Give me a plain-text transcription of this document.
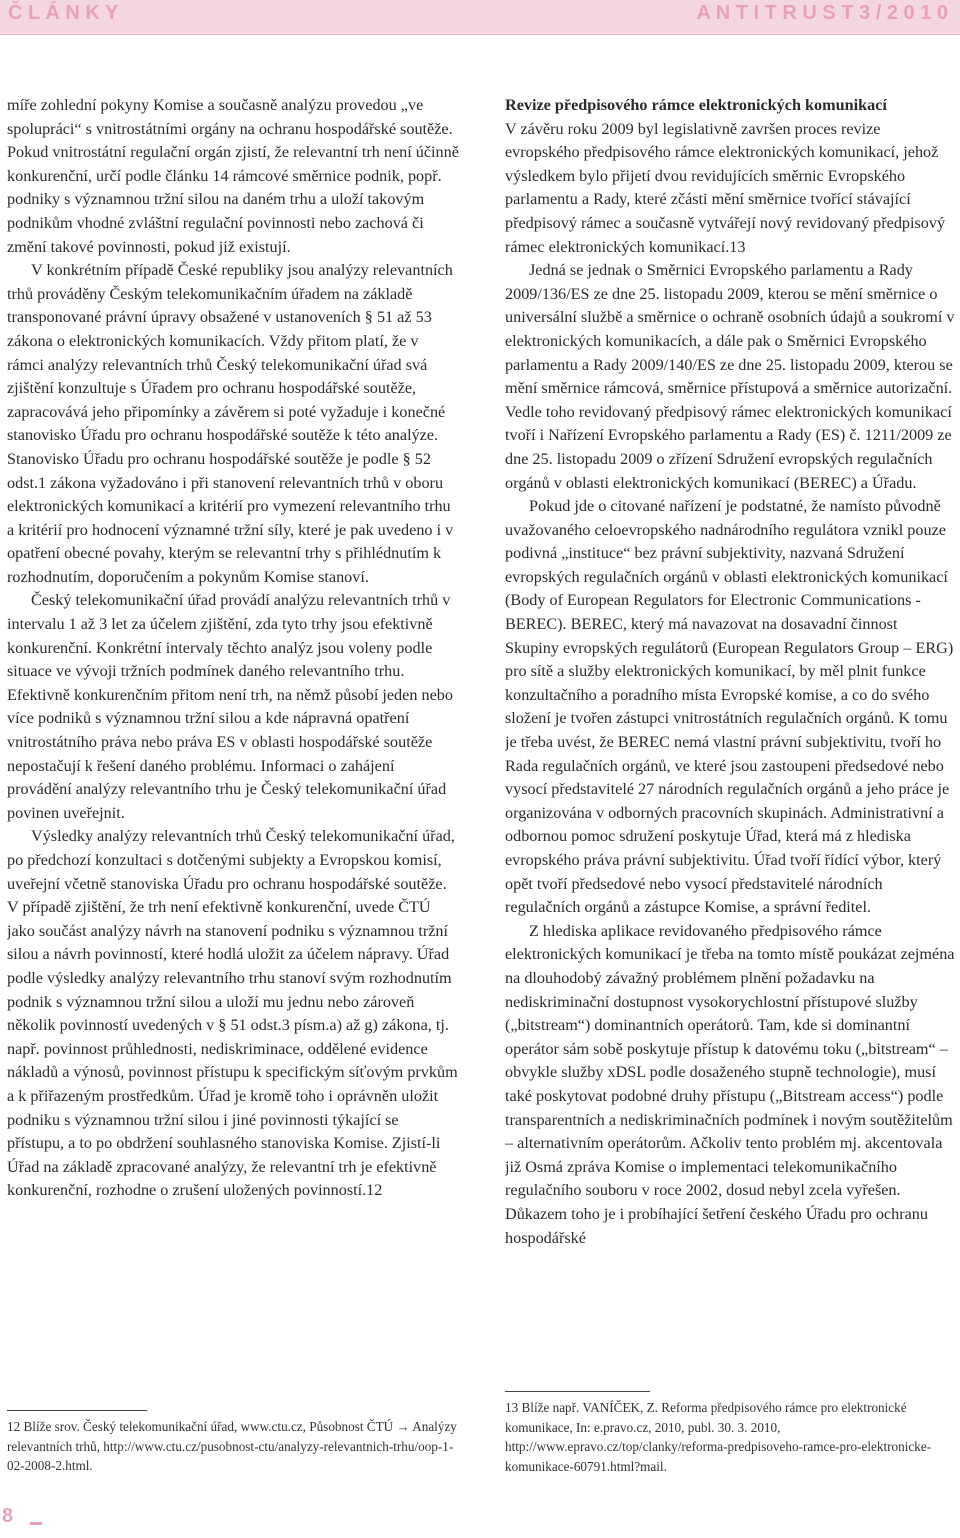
Č L Á N K Y	A N T I T R U S T 3 / 2 0 1 0

míře zohlední pokyny Komise a současně analýzu provedou „ve spolupráci“ s vnitrostátními orgány na ochranu hospodářské soutěže. Pokud vnitrostátní regulační orgán zjistí, že relevantní trh není účinně konkurenční, určí podle článku 14 rámcové směrnice podnik, popř. podniky s významnou tržní silou na daném trhu a uloží takovým podnikům vhodné zvláštní regulační povinnosti nebo zachová či změní takové povinnosti, pokud již existují.

V konkrétním případě České republiky jsou analýzy relevantních trhů prováděny Českým telekomunikačním úřadem na základě transponované právní úpravy obsažené v ustanoveních § 51 až 53 zákona o elektronických komunikacích. Vždy přitom platí, že v rámci analýzy relevantních trhů Český telekomunikační úřad svá zjištění konzultuje s Úřadem pro ochranu hospodářské soutěže, zapracovává jeho připomínky a závěrem si poté vyžaduje i konečné stanovisko Úřadu pro ochranu hospodářské soutěže k této analýze. Stanovisko Úřadu pro ochranu hospodářské soutěže je podle § 52 odst.1 zákona vyžadováno i při stanovení relevantních trhů v oboru elektronických komunikací a kritérií pro vymezení relevantního trhu a kritérií pro hodnocení významné tržní síly, které je pak uvedeno i v opatření obecné povahy, kterým se relevantní trhy s přihlédnutím k rozhodnutím, doporučením a pokynům Komise stanoví.

Český telekomunikační úřad provádí analýzu relevantních trhů v intervalu 1 až 3 let za účelem zjištění, zda tyto trhy jsou efektivně konkurenční. Konkrétní intervaly těchto analýz jsou voleny podle situace ve vývoji tržních podmínek daného relevantního trhu. Efektivně konkurenčním přitom není trh, na němž působí jeden nebo více podniků s významnou tržní silou a kde nápravná opatření vnitrostátního práva nebo práva ES v oblasti hospodářské soutěže nepostačují k řešení daného problému. Informaci o zahájení provádění analýzy relevantního trhu je Český telekomunikační úřad povinen uveřejnit.

Výsledky analýzy relevantních trhů Český telekomunikační úřad, po předchozí konzultaci s dotčenými subjekty a Evropskou komisí, uveřejní včetně stanoviska Úřadu pro ochranu hospodářské soutěže. V případě zjištění, že trh není efektivně konkurenční, uvede ČTÚ jako součást analýzy návrh na stanovení podniku s významnou tržní silou a návrh povinností, které hodlá uložit za účelem nápravy. Úřad podle výsledky analýzy relevantního trhu stanoví svým rozhodnutím podnik s významnou tržní silou a uloží mu jednu nebo zároveň několik povinností uvedených v § 51 odst.3 písm.a) až g) zákona, tj. např. povinnost průhlednosti, nediskriminace, oddělené evidence nákladů a výnosů, povinnost přístupu k specifickým síťovým prvkům a k přiřazeným prostředkům. Úřad je kromě toho i oprávněn uložit podniku s významnou tržní silou i jiné povinnosti týkající se přístupu, a to po obdržení souhlasného stanoviska Komise. Zjistí-li Úřad na základě zpracované analýzy, že relevantní trh je efektivně konkurenční, rozhodne o zrušení uložených povinností.12

Revize předpisového rámce elektronických komunikací

V závěru roku 2009 byl legislativně završen proces revize evropského předpisového rámce elektronických komunikací, jehož výsledkem bylo přijetí dvou revidujících směrnic Evropského parlamentu a Rady, které zčásti mění směrnice tvořící stávající předpisový rámec a současně vytvářejí nový revidovaný předpisový rámec elektronických komunikací.13

Jedná se jednak o Směrnici Evropského parlamentu a Rady 2009/136/ES ze dne 25. listopadu 2009, kterou se mění směrnice o universální službě a směrnice o ochraně osobních údajů a soukromí v elektronických komunikacích, a dále pak o Směrnici Evropského parlamentu a Rady 2009/140/ES ze dne 25. listopadu 2009, kterou se mění směrnice rámcová, směrnice přístupová a směrnice autorizační. Vedle toho revidovaný předpisový rámec elektronických komunikací tvoří i Nařízení Evropského parlamentu a Rady (ES) č. 1211/2009 ze dne 25. listopadu 2009 o zřízení Sdružení evropských regulačních orgánů v oblasti elektronických komunikací (BEREC) a Úřadu.

Pokud jde o citované nařízení je podstatné, že namísto původně uvažovaného celoevropského nadnárodního regulátora vznikl pouze podivná „instituce“ bez právní subjektivity, nazvaná Sdružení evropských regulačních orgánů v oblasti elektronických komunikací (Body of European Regulators for Electronic Communications - BEREC). BEREC, který má navazovat na dosavadní činnost Skupiny evropských regulátorů (European Regulators Group – ERG) pro sítě a služby elektronických komunikací, by měl plnit funkce konzultačního a poradního místa Evropské komise, a co do svého složení je tvořen zástupci vnitrostátních regulačních orgánů. K tomu je třeba uvést, že BEREC nemá vlastní právní subjektivitu, tvoří ho Rada regulačních orgánů, ve které jsou zastoupeni předsedové nebo vysocí představitelé 27 národních regulačních orgánů a jeho práce je organizována v odborných pracovních skupinách. Administrativní a odbornou pomoc sdružení poskytuje Úřad, která má z hlediska evropského práva právní subjektivitu. Úřad tvoří řídící výbor, který opět tvoří předsedové nebo vysocí představitelé národních regulačních orgánů a zástupce Komise, a správní ředitel.

Z hlediska aplikace revidovaného předpisového rámce elektronických komunikací je třeba na tomto místě poukázat zejména na dlouhodobý závažný problémem plnění požadavku na nediskriminační dostupnost vysokorychlostní přístupové služby („bitstream“) dominantních operátorů. Tam, kde si dominantní operátor sám sobě poskytuje přístup k datovému toku („bitstream“ – obvykle služby xDSL podle dosaženého stupně technologie), musí také poskytovat podobné druhy přístupu („Bitstream access“) podle transparentních a nediskriminačních podmínek i novým soutěžitelům – alternativním operátorům. Ačkoliv tento problém mj. akcentovala již Osmá zpráva Komise o implementaci telekomunikačního regulačního souboru v roce 2002, dosud nebyl zcela vyřešen. Důkazem toho je i probíhající šetření českého Úřadu pro ochranu hospodářské

12 Blíže srov. Český telekomunikační úřad, www.ctu.cz, Působnost ČTÚ → Analýzy relevantních trhů, http://www.ctu.cz/pusobnost-ctu/analyzy-relevantnich-trhu/oop-1-02-2008-2.html.
13 Blíže např. VANÍČEK, Z. Reforma předpisového rámce pro elektronické komunikace, In: e.pravo.cz, 2010, publ. 30. 3. 2010, http://www.epravo.cz/top/clanky/reforma-predpisoveho-ramce-pro-elektronicke-komunikace-60791.html?mail.
8
